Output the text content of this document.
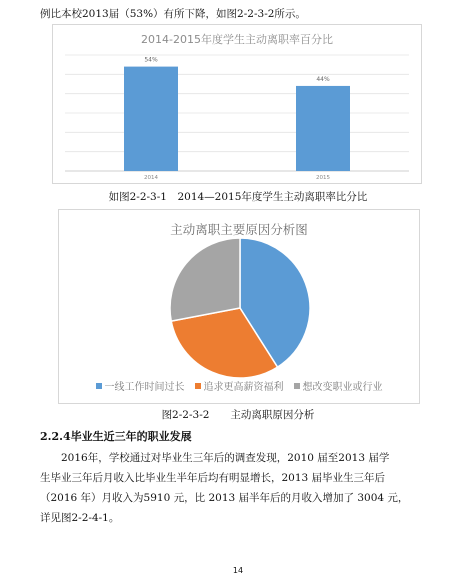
例比本校2013届（53%）有所下降，如图2-2-3-2所示。
2014-2015年度学生主动离职率百分比
54%
2014
44%
2015
如图2-2-3-1　2014—2015年度学生主动离职率比分比
主动离职主要原因分析图
一线工作时间过长 追求更高薪资福利 想改变职业或行业
图2-2-3-2　　主动离职原因分析
2.2.4毕业生近三年的职业发展
　　2016年，学校通过对毕业生三年后的调查发现，2010 届至2013 届学
生毕业三年后月收入比毕业生半年后均有明显增长，2013 届毕业生三年后
（2016 年）月收入为5910 元，比 2013 届半年后的月收入增加了 3004 元，
详见图2-2-4-1。
14
